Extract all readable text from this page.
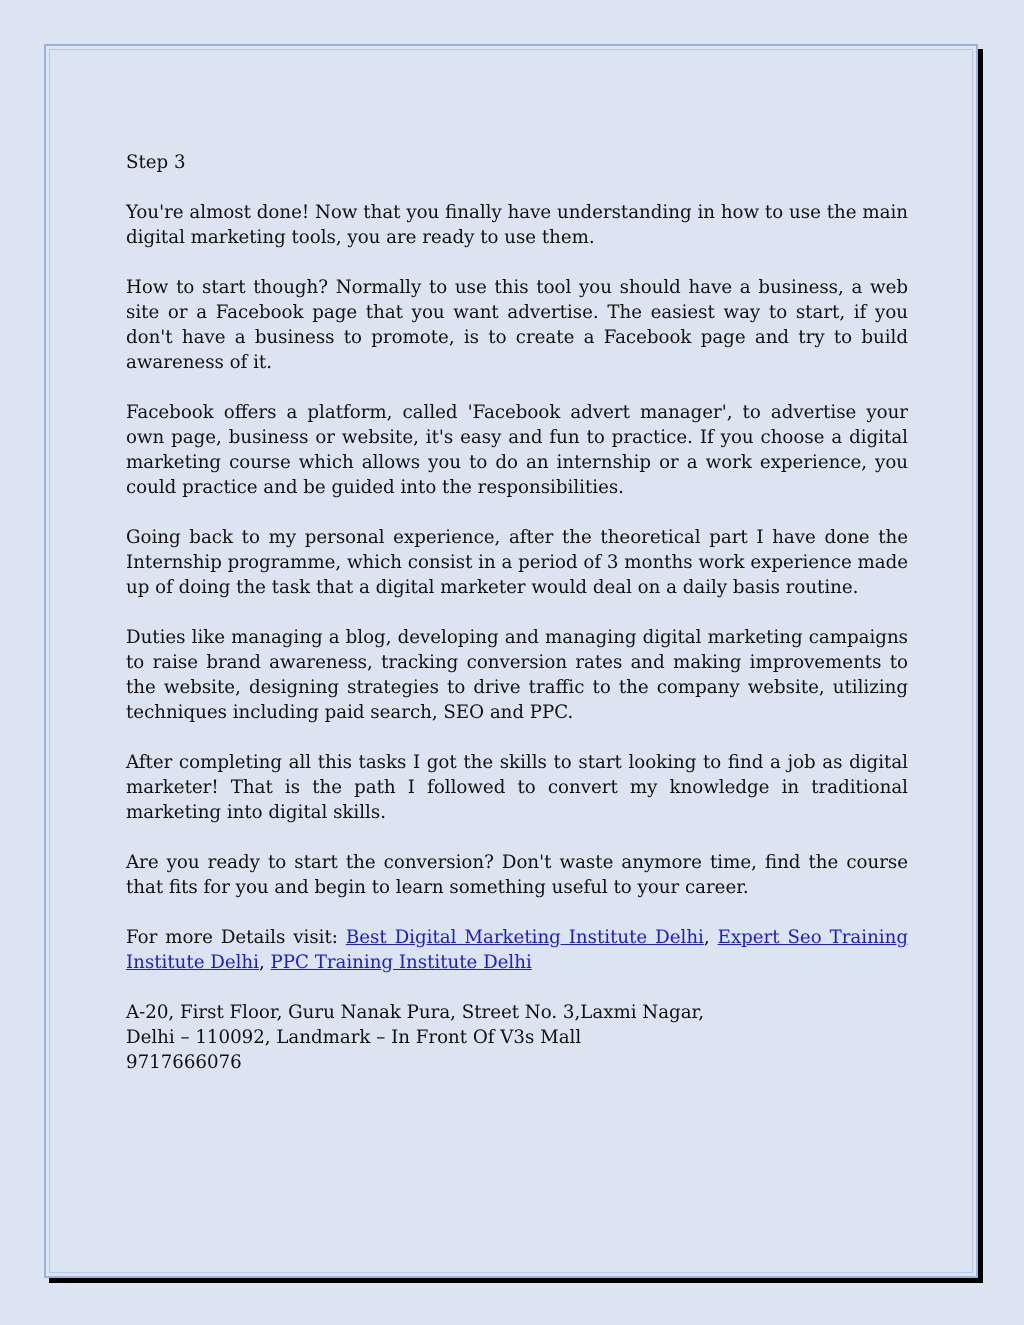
Step 3

You're almost done! Now that you finally have understanding in how to use the main digital marketing tools, you are ready to use them.

How to start though? Normally to use this tool you should have a business, a web site or a Facebook page that you want advertise. The easiest way to start, if you don't have a business to promote, is to create a Facebook page and try to build awareness of it.

Facebook offers a platform, called 'Facebook advert manager', to advertise your own page, business or website, it's easy and fun to practice. If you choose a digital marketing course which allows you to do an internship or a work experience, you could practice and be guided into the responsibilities.

Going back to my personal experience, after the theoretical part I have done the Internship programme, which consist in a period of 3 months work experience made up of doing the task that a digital marketer would deal on a daily basis routine.

Duties like managing a blog, developing and managing digital marketing campaigns to raise brand awareness, tracking conversion rates and making improvements to the website, designing strategies to drive traffic to the company website, utilizing techniques including paid search, SEO and PPC.

After completing all this tasks I got the skills to start looking to find a job as digital marketer! That is the path I followed to convert my knowledge in traditional marketing into digital skills.

Are you ready to start the conversion? Don't waste anymore time, find the course that fits for you and begin to learn something useful to your career.

For more Details visit: Best Digital Marketing Institute Delhi, Expert Seo Training Institute Delhi, PPC Training Institute Delhi

A-20, First Floor, Guru Nanak Pura, Street No. 3,Laxmi Nagar,
Delhi – 110092, Landmark – In Front Of V3s Mall
9717666076
